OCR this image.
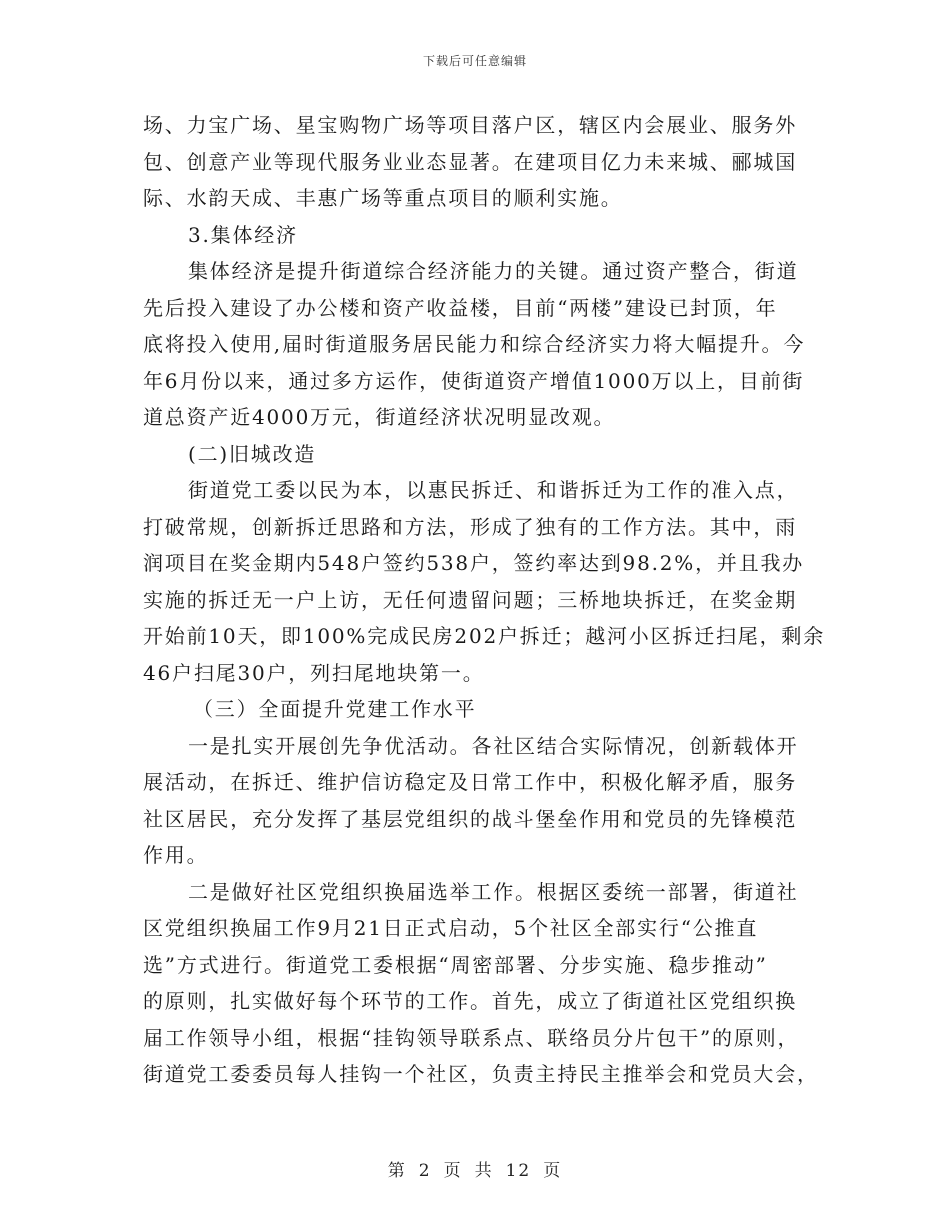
下载后可任意编辑
场、力宝广场、星宝购物广场等项目落户区，辖区内会展业、服务外
包、创意产业等现代服务业业态显著。在建项目亿力未来城、郦城国
际、水韵天成、丰惠广场等重点项目的顺利实施。
3.集体经济
集体经济是提升街道综合经济能力的关键。通过资产整合，街道
先后投入建设了办公楼和资产收益楼，目前“两楼”建设已封顶，年
底将投入使用,届时街道服务居民能力和综合经济实力将大幅提升。今
年6月份以来，通过多方运作，使街道资产增值1000万以上，目前街
道总资产近4000万元，街道经济状况明显改观。
(二)旧城改造
街道党工委以民为本，以惠民拆迁、和谐拆迁为工作的准入点，
打破常规，创新拆迁思路和方法，形成了独有的工作方法。其中，雨
润项目在奖金期内548户签约538户，签约率达到98.2%，并且我办
实施的拆迁无一户上访，无任何遗留问题；三桥地块拆迁，在奖金期
开始前10天，即100%完成民房202户拆迁；越河小区拆迁扫尾，剩余
46户扫尾30户，列扫尾地块第一。
（三）全面提升党建工作水平
一是扎实开展创先争优活动。各社区结合实际情况，创新载体开
展活动，在拆迁、维护信访稳定及日常工作中，积极化解矛盾，服务
社区居民，充分发挥了基层党组织的战斗堡垒作用和党员的先锋模范
作用。
二是做好社区党组织换届选举工作。根据区委统一部署，街道社
区党组织换届工作9月21日正式启动，5个社区全部实行“公推直
选”方式进行。街道党工委根据“周密部署、分步实施、稳步推动”
的原则，扎实做好每个环节的工作。首先，成立了街道社区党组织换
届工作领导小组，根据“挂钩领导联系点、联络员分片包干”的原则，
街道党工委委员每人挂钩一个社区，负责主持民主推举会和党员大会，
第 2 页 共 12 页
